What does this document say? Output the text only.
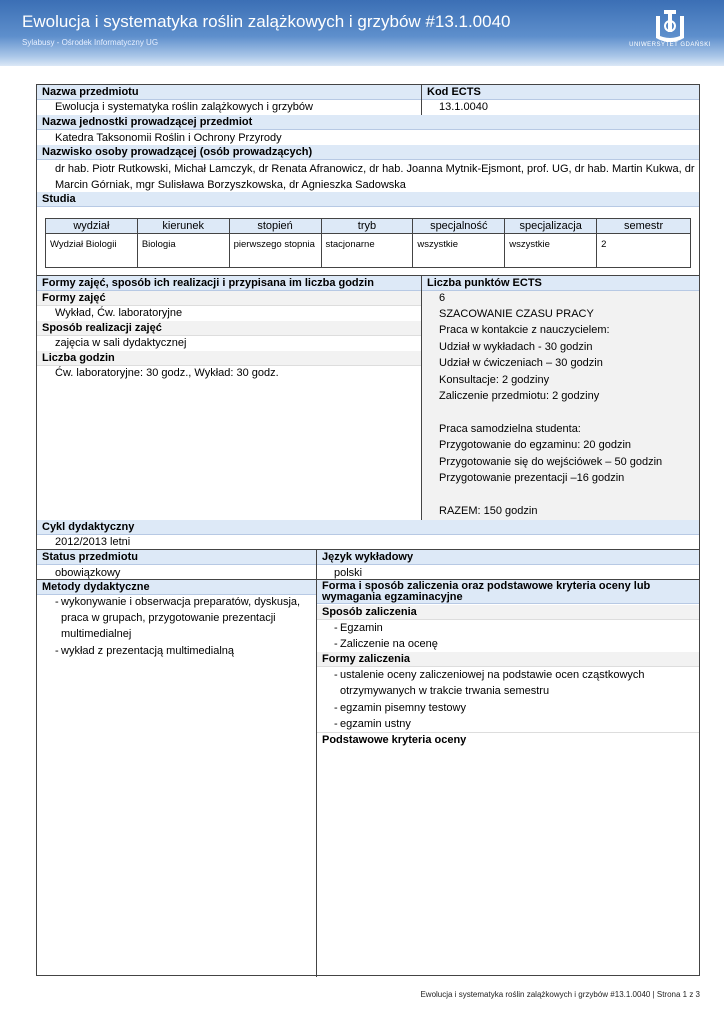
Ewolucja i systematyka roślin zalążkowych i grzybów #13.1.0040
Sylabusy - Ośrodek Informatyczny UG	UNIWERSYTET GDAŃSKI
Nazwa przedmiotu	Kod ECTS
Ewolucja i systematyka roślin zalążkowych i grzybów	13.1.0040
Nazwa jednostki prowadzącej przedmiot
Katedra Taksonomii Roślin i Ochrony Przyrody
Nazwisko osoby prowadzącej (osób prowadzących)
dr hab. Piotr Rutkowski, Michał Lamczyk, dr Renata Afranowicz, dr hab. Joanna Mytnik-Ejsmont, prof. UG, dr hab. Martin Kukwa, dr
Marcin Górniak, mgr Sulisława Borzyszkowska, dr Agnieszka Sadowska
Studia
wydział	kierunek	stopień	tryb	specjalność	specjalizacja	semestr
Wydział Biologii	Biologia	pierwszego stopnia	stacjonarne	wszystkie	wszystkie	2
Formy zajęć, sposób ich realizacji i przypisana im liczba godzin	Liczba punktów ECTS
Formy zajęć
Wykład, Ćw. laboratoryjne
Sposób realizacji zajęć
zajęcia w sali dydaktycznej
Liczba godzin
Ćw. laboratoryjne: 30 godz., Wykład: 30 godz.
6
SZACOWANIE CZASU PRACY
Praca w kontakcie z nauczycielem:
Udział w wykładach - 30 godzin
Udział w ćwiczeniach – 30 godzin
Konsultacje: 2 godziny
Zaliczenie przedmiotu: 2 godziny
Praca samodzielna studenta:
Przygotowanie do egzaminu: 20 godzin
Przygotowanie się do wejściówek – 50 godzin
Przygotowanie prezentacji –16 godzin
RAZEM: 150 godzin
Cykl dydaktyczny
2012/2013 letni
Status przedmiotu	Język wykładowy
obowiązkowy	polski
Metody dydaktyczne	Forma i sposób zaliczenia oraz podstawowe kryteria oceny lub
wymagania egzaminacyjne
- wykonywanie i obserwacja preparatów, dyskusja,
praca w grupach, przygotowanie prezentacji
multimedialnej
- wykład z prezentacją multimedialną
Sposób zaliczenia
- Egzamin
- Zaliczenie na ocenę
Formy zaliczenia
- ustalenie oceny zaliczeniowej na podstawie ocen cząstkowych
otrzymywanych w trakcie trwania semestru
- egzamin pisemny testowy
- egzamin ustny
Podstawowe kryteria oceny
Ewolucja i systematyka roślin zalążkowych i grzybów #13.1.0040 | Strona 1 z 3
